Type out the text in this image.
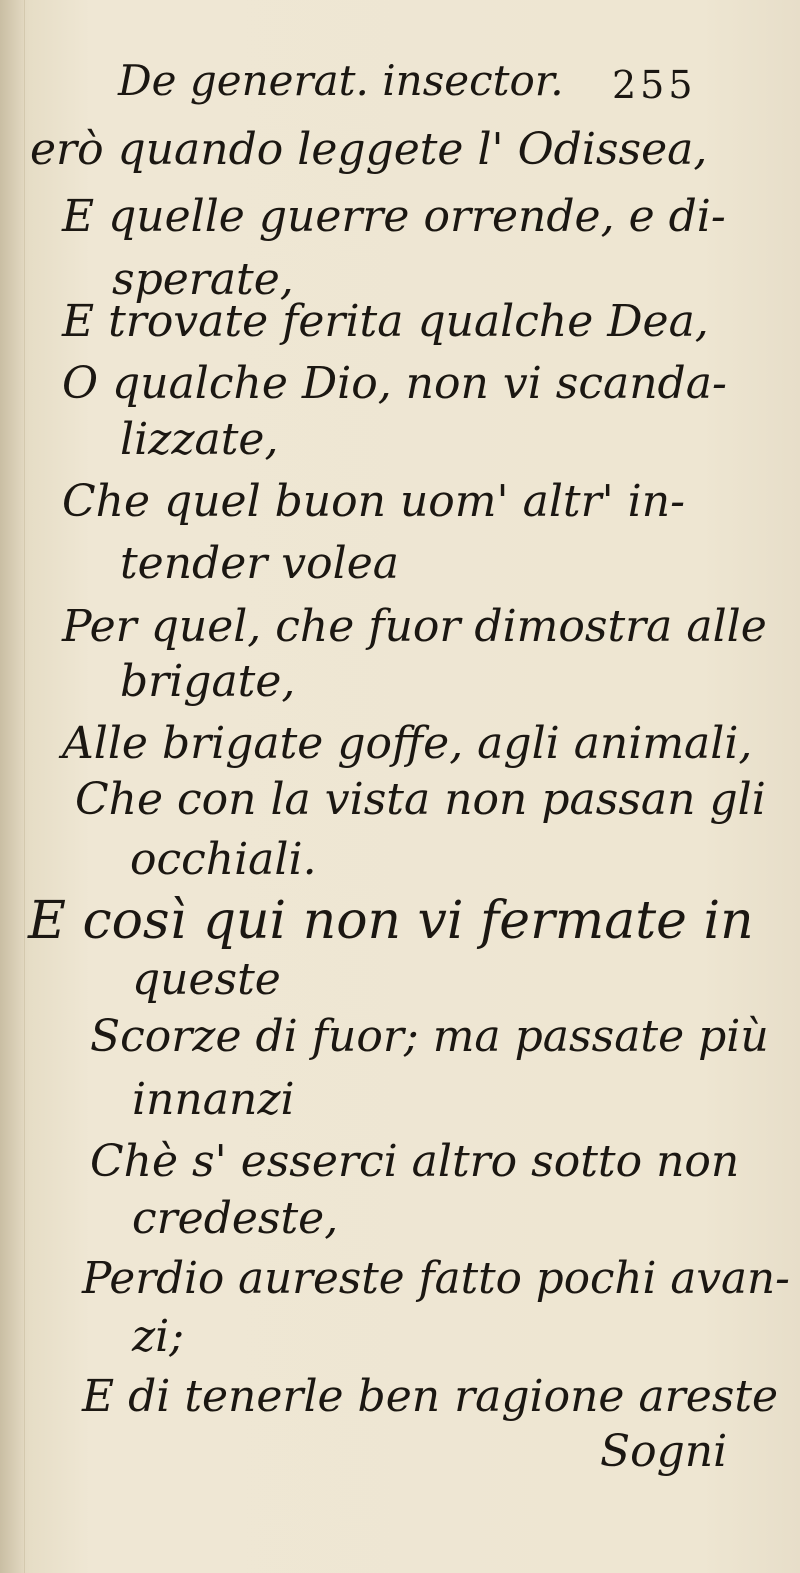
De generat. insector. 255
erò quando leggete l' Odissea,
E quelle guerre orrende, e di-
sperate,
E trovate ferita qualche Dea,
O qualche Dio, non vi scanda-
lizzate,
Che quel buon uom' altr' in-
tender volea
Per quel, che fuor dimostra alle
brigate,
Alle brigate goffe, agli animali,
Che con la vista non passan gli
occhiali.
E così qui non vi fermate in
queste
Scorze di fuor; ma passate più
innanzi
Chè s' esserci altro sotto non
credeste,
Perdio aureste fatto pochi avan-
zi;
E di tenerle ben ragione areste
Sogni
